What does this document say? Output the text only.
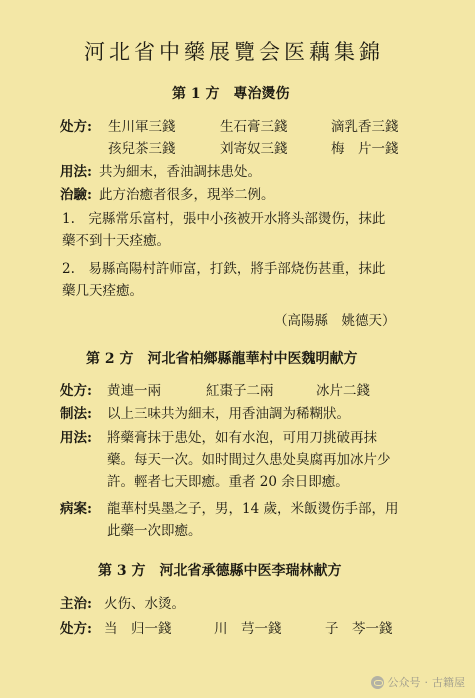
河北省中藥展覽会医藕集錦
第 1 方　專治燙伤
处方: 生川軍三錢	生石膏三錢	滴乳香三錢
孩兒茶三錢	刘寄奴三錢	梅　片一錢
用法: 共为細末，香油調抹患处。
治驗: 此方治癒者很多，現举二例。
1.　完縣常乐富村，張中小孩被开水將头部燙伤，抹此
藥不到十天痊癒。
2.　易縣高陽村許师富，打鉄，將手部烧伤甚重，抹此
藥几天痊癒。
（高陽縣　姚德天）
第 2 方　河北省柏鄉縣龍華村中医魏明献方
处方: 黄連一兩	紅棗子二兩	冰片二錢
制法: 以上三味共为細末，用香油調为稀糊狀。
用法: 將藥膏抹于患处，如有水泡，可用刀挑破再抹
藥。每天一次。如时間过久患处臭腐再加冰片少
許。輕者七天即癒。重者 20 余日即癒。
病案: 龍華村吳墨之子，男，14 歲，米飯燙伤手部，用
此藥一次即癒。
第 3 方　河北省承德縣中医李瑞林献方
主治: 火伤、水烫。
处方: 当　归一錢	川　芎一錢	子　芩一錢
公众号 · 古籍屋
